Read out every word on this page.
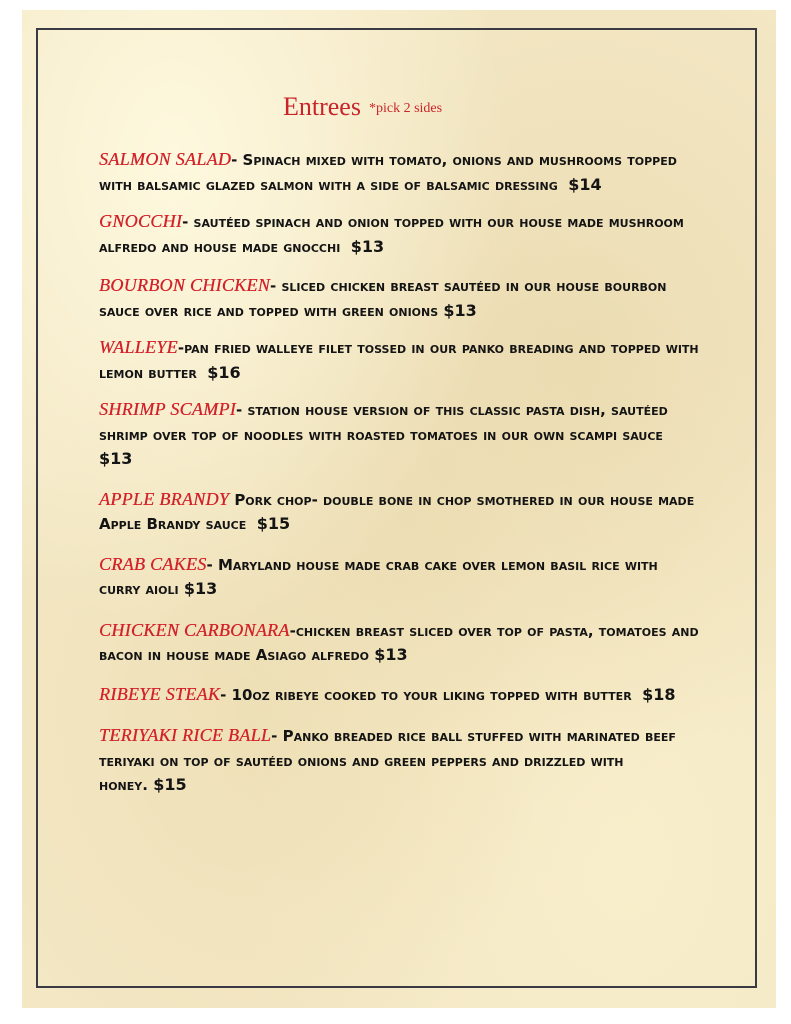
Entrees *pick 2 sides
SALMON SALAD- Spinach mixed with tomato, onions and mushrooms topped with balsamic glazed salmon with a side of balsamic dressing $14
GNOCCHI- sautéed spinach and onion topped with our house made mushroom alfredo and house made gnocchi $13
BOURBON CHICKEN- sliced chicken breast sautéed in our house bourbon sauce over rice and topped with green onions $13
WALLEYE-pan fried walleye filet tossed in our panko breading and topped with lemon butter $16
SHRIMP SCAMPI- station house version of this classic pasta dish, sautéed shrimp over top of noodles with roasted tomatoes in our own scampi sauce  $13
APPLE BRANDY Pork chop- double bone in chop smothered in our house made Apple Brandy sauce $15
CRAB CAKES- Maryland house made crab cake over lemon basil rice with curry aioli $13
CHICKEN CARBONARA-chicken breast sliced over top of pasta, tomatoes and bacon in house made Asiago alfredo $13
RIBEYE STEAK- 10oz ribeye cooked to your liking topped with butter $18
TERIYAKI RICE BALL- Panko breaded rice ball stuffed with marinated beef teriyaki on top of sautéed onions and green peppers and drizzled with honey. $15
